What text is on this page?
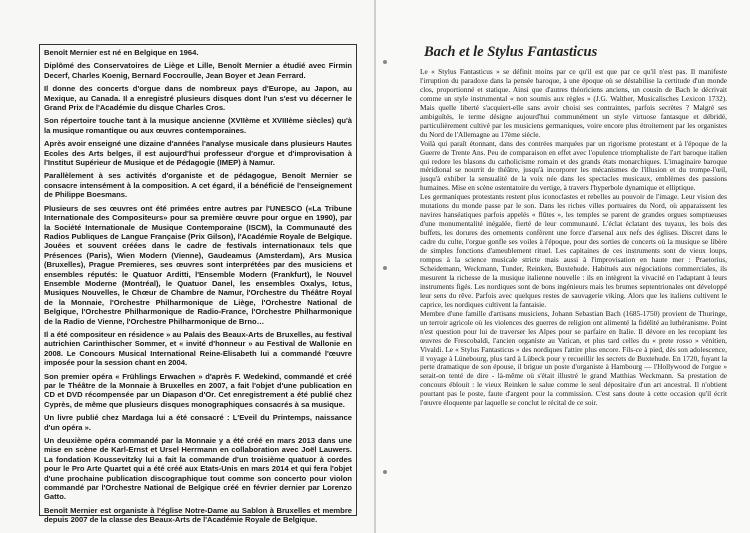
Benoît Mernier est né en Belgique en 1964.

Diplômé des Conservatoires de Liège et Lille, Benoît Mernier a étudié avec Firmin Decerf, Charles Koenig, Bernard Foccroulle, Jean Boyer et Jean Ferrard.

Il donne des concerts d'orgue dans de nombreux pays d'Europe, au Japon, au Mexique, au Canada. Il a enregistré plusieurs disques dont l'un s'est vu décerner le Grand Prix de l'Académie du disque Charles Cros.

Son répertoire touche tant à la musique ancienne (XVIIème et XVIIIème siècles) qu'à la musique romantique ou aux œuvres contemporaines.

Après avoir enseigné une dizaine d'années l'analyse musicale dans plusieurs Hautes Ecoles des Arts belges, il est aujourd'hui professeur d'orgue et d'improvisation à l'Institut Supérieur de Musique et de Pédagogie (IMEP) à Namur.

Parallèlement à ses activités d'organiste et de pédagogue, Benoît Mernier se consacre intensément à la composition. A cet égard, il a bénéficié de l'enseignement de Philippe Boesmans.

Plusieurs de ses œuvres ont été primées entre autres par l'UNESCO («La Tribune Internationale des Compositeurs» pour sa première œuvre pour orgue en 1990), par la Société Internationale de Musique Contemporaine (ISCM), la Communauté des Radios Publiques de Langue Française (Prix Gilson), l'Académie Royale de Belgique. Jouées et souvent créées dans le cadre de festivals internationaux tels que Présences (Paris), Wien Modern (Vienne), Gaudeamus (Amsterdam), Ars Musica (Bruxelles), Prague Premieres, ses œuvres sont interprétées par des musiciens et ensembles réputés: le Quatuor Arditti, l'Ensemble Modern (Frankfurt), le Nouvel Ensemble Moderne (Montréal), le Quatuor Danel, les ensembles Oxalys, Ictus, Musiques Nouvelles, le Chœur de Chambre de Namur, l'Orchestre du Théâtre Royal de la Monnaie, l'Orchestre Philharmonique de Liège, l'Orchestre National de Belgique, l'Orchestre Philharmonique de Radio-France, l'Orchestre Philharmonique de la Radio de Vienne, l'Orchestre Philharmonique de Brno…

Il a été compositeur en résidence » au Palais des Beaux-Arts de Bruxelles, au festival autrichien Carinthischer Sommer, et « invité d'honneur » au Festival de Wallonie en 2008. Le Concours Musical International Reine-Elisabeth lui a commandé l'œuvre imposée pour la session chant en 2004.

Son premier opéra « Frühlings Erwachen » d'après F. Wedekind, commandé et créé par le Théâtre de la Monnaie à Bruxelles en 2007, a fait l'objet d'une publication en CD et DVD récompensée par un Diapason d'Or. Cet enregistrement a été publié chez Cyprès, de même que plusieurs disques monographiques consacrés à sa musique.

Un livre publié chez Mardaga lui a été consacré : L'Eveil du Printemps, naissance d'un opéra ».

Un deuxième opéra commandé par la Monnaie y a été créé en mars 2013 dans une mise en scène de Karl-Ernst et Ursel Herrmann en collaboration avec Joël Lauwers. La fondation Koussevitzky lui a fait la commande d'un troisième quatuor à cordes pour le Pro Arte Quartet qui a été créé aux Etats-Unis en mars 2014 et qui fera l'objet d'une prochaine publication discographique tout comme son concerto pour violon commandé par l'Orchestre National de Belgique créé en février dernier par Lorenzo Gatto.

Benoît Mernier est organiste à l'église Notre-Dame au Sablon à Bruxelles et membre depuis 2007 de la classe des Beaux-Arts de l'Académie Royale de Belgique.

Bach et le Stylus Fantasticus

Le « Stylus Fantasticus » se définit moins par ce qu'il est que par ce qu'il n'est pas. Il manifeste l'irruption du paradoxe dans la pensée baroque, à une époque où se déstabilise la certitude d'un monde clos, proportionné et statique. Ainsi que d'autres théoriciens anciens, un cousin de Bach le décrivait comme un style instrumental « non soumis aux règles » (J.G. Walther, Musicalisches Lexicon 1732). Mais quelle liberté s'acquiert-elle sans avoir choisi ses contraintes, parfois secrètes ? Malgré ses ambiguïtés, le terme désigne aujourd'hui communément un style virtuose fantasque et débridé, particulièrement cultivé par les musiciens germaniques, voire encore plus étroitement par les organistes du Nord de l'Allemagne au 17ème siècle.

Voilà qui paraît étonnant, dans des contrées marquées par un rigorisme protestant et à l'époque de la Guerre de Trente Ans. Peu de comparaison en effet avec l'opulence triomphaliste de l'art baroque italien qui redore les blasons du catholicisme romain et des grands états monarchiques. L'imaginaire baroque méridional se nourrit de théâtre, jusqu'à incorporer les mécanismes de l'illusion et du trompe-l'œil, jusqu'à exhiber la sensualité de la voix née dans les spectacles musicaux, emblèmes des passions humaines. Mise en scène ostentatoire du vertige, à travers l'hyperbole dynamique et elliptique.

Les germaniques protestants restent plus iconoclastes et rebelles au pouvoir de l'image. Leur vision des mutations du monde passe par le son. Dans les riches villes portuaires du Nord, où apparaissent les navires hanséatiques parfois appelés « flûtes », les temples se parent de grandes orgues somptueuses d'une monumentalité inégalée, fierté de leur communauté. L'éclat éclatant des tuyaux, les bois des buffets, les dorures des ornements confèrent une force d'arsenal aux nefs des églises. Discret dans le cadre du culte, l'orgue gonfle ses voiles à l'époque, pour des sorties de concerts où la musique se libère de simples fonctions d'ameublement rituel. Les capitaines de ces instruments sont de vieux loups, rompus à la science musicale stricte mais aussi à l'improvisation en haute mer : Praetorius, Scheidemann, Weckmann, Tunder, Reinken, Buxtehude. Habitués aux négociations commerciales, ils mesurent la richesse de la musique italienne nouvelle : ils en intègrent la vivacité en l'adaptant à leurs instruments figés. Les nordiques sont de bons ingénieurs mais les brumes septentrionales ont développé leur sens du rêve. Parfois avec quelques restes de sauvagerie viking. Alors que les italiens cultivent le caprice, les nordiques cultivent la fantaisie.

Membre d'une famille d'artisans musiciens, Johann Sebastian Bach (1685-1750) provient de Thuringe, un terroir agricole où les violences des guerres de religion ont alimenté la fidélité au luthéranisme. Point n'est question pour lui de traverser les Alpes pour se parfaire en Italie. Il dévore en les recopiant les œuvres de Frescobaldi, l'ancien organiste au Vatican, et plus tard celles du « prete rosso » vénitien, Vivaldi. Le « Stylus Fantasticus » des nordiques l'attire plus encore. Fils-ce à pied, dès son adolescence, il voyage à Lünebourg, plus tard à Lübeck pour y recueillir les secrets de Buxtehude. En 1720, fuyant la perte dramatique de son épouse, il brigue un poste d'organiste à Hambourg — l'Hollywood de l'orgue » serait-on tenté de dire - là-même où s'était illustré le grand Matthias Weckmann. Sa prestation de concours éblouit : le vieux Reinken le salue comme le seul dépositaire d'un art ancestral. Il n'obtient pourtant pas le poste, faute d'argent pour la commission. C'est sans doute à cette occasion qu'il écrit l'œuvre éloquente par laquelle se conclut le récital de ce soir.
